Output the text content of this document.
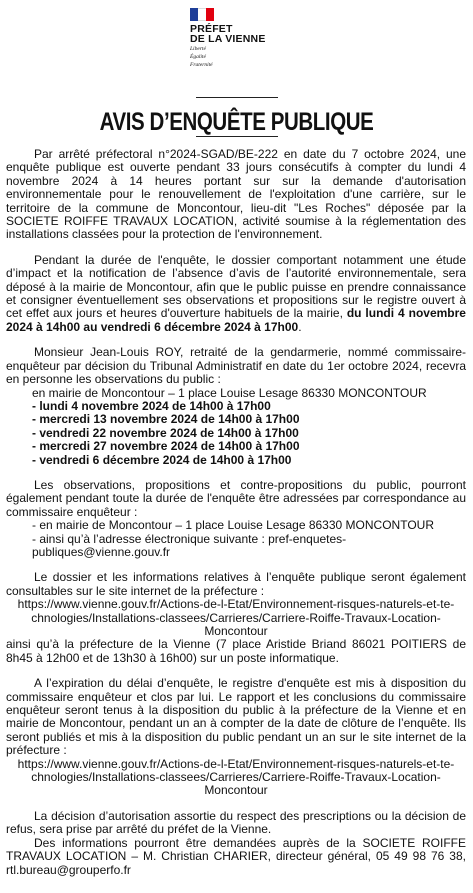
PRÉFET
DE LA VIENNE
Liberté
Égalité
Fraternité
AVIS D’ENQUÊTE PUBLIQUE

Par arrêté préfectoral n°2024-SGAD/BE-222 en date du 7 octobre 2024, une enquête publique est ouverte pendant 33 jours consécutifs à compter du lundi 4 novembre 2024 à 14 heures portant sur sur la demande d'autorisation environnementale pour le renouvellement de l'exploitation d'une carrière, sur le territoire de la commune de Moncontour, lieu-dit "Les Roches" déposée par la SOCIETE ROIFFE TRAVAUX LOCATION, activité soumise à la réglementation des installations classées pour la protection de l'environnement.

Pendant la durée de l'enquête, le dossier comportant notamment une étude d’impact et la notification de l’absence d’avis de l’autorité environnementale, sera déposé à la mairie de Moncontour, afin que le public puisse en prendre connaissance et consigner éventuellement ses observations et propositions sur le registre ouvert à cet effet aux jours et heures d'ouverture habituels de la mairie, du lundi 4 novembre 2024 à 14h00 au vendredi 6 décembre 2024 à 17h00.

Monsieur Jean-Louis ROY, retraité de la gendarmerie, nommé commissaire-enquêteur par décision du Tribunal Administratif en date du 1er octobre 2024, recevra en personne les observations du public :

en mairie de Moncontour – 1 place Louise Lesage 86330 MONCONTOUR

- lundi 4 novembre 2024 de 14h00 à 17h00

- mercredi 13 novembre 2024 de 14h00 à 17h00

- vendredi 22 novembre 2024 de 14h00 à 17h00

- mercredi 27 novembre 2024 de 14h00 à 17h00

- vendredi 6 décembre 2024 de 14h00 à 17h00

Les observations, propositions et contre-propositions du public, pourront également pendant toute la durée de l'enquête être adressées par correspondance au commissaire enquêteur :

- en mairie de Moncontour – 1 place Louise Lesage 86330 MONCONTOUR

- ainsi qu’à l’adresse électronique suivante : pref-enquetes-publiques@vienne.gouv.fr

Le dossier et les informations relatives à l’enquête publique seront également consultables sur le site internet de la préfecture :

https://www.vienne.gouv.fr/Actions-de-l-Etat/Environnement-risques-naturels-et-te-

chnologies/Installations-classees/Carrieres/Carriere-Roiffe-Travaux-Location-Moncontour

ainsi qu’à la préfecture de la Vienne (7 place Aristide Briand 86021 POITIERS de 8h45 à 12h00 et de 13h30 à 16h00) sur un poste informatique.

A l’expiration du délai d’enquête, le registre d'enquête est mis à disposition du commissaire enquêteur et clos par lui. Le rapport et les conclusions du commissaire enquêteur seront tenus à la disposition du public à la préfecture de la Vienne et en mairie de Moncontour, pendant un an à compter de la date de clôture de l’enquête. Ils seront publiés et mis à la disposition du public pendant un an sur le site internet de la préfecture :

https://www.vienne.gouv.fr/Actions-de-l-Etat/Environnement-risques-naturels-et-te-

chnologies/Installations-classees/Carrieres/Carriere-Roiffe-Travaux-Location-Moncontour

La décision d’autorisation assortie du respect des prescriptions ou la décision de refus, sera prise par arrêté du préfet de la Vienne.

Des informations pourront être demandées auprès de la SOCIETE ROIFFE TRAVAUX LOCATION – M. Christian CHARIER, directeur général, 05 49 98 76 38, rtl.bureau@grouperfo.fr
